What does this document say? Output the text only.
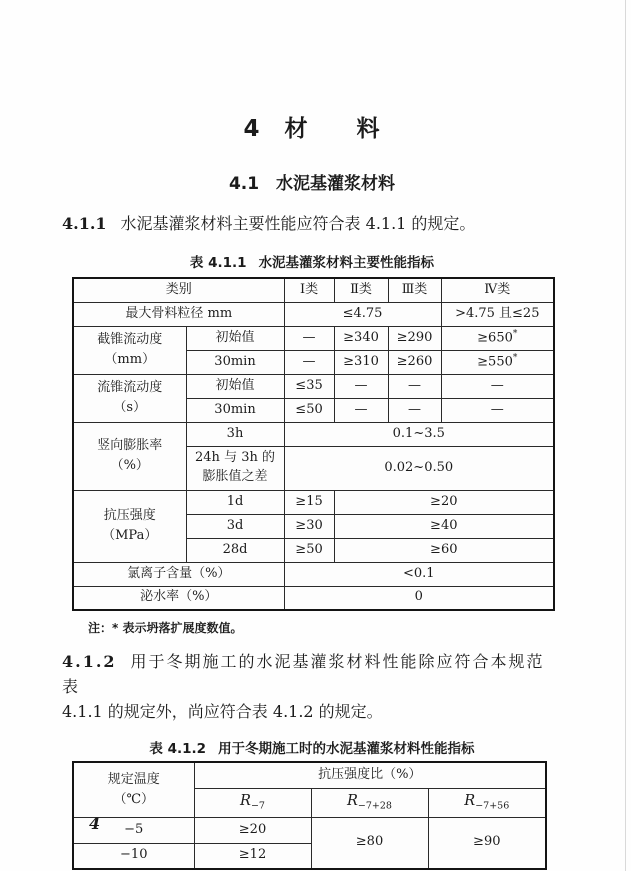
4　材　　料
4.1　水泥基灌浆材料
4.1.1 水泥基灌浆材料主要性能应符合表 4.1.1 的规定。
表 4.1.1 水泥基灌浆材料主要性能指标
类别		Ⅰ类	Ⅱ类	Ⅲ类	Ⅳ类
最大骨料粒径 mm		≤4.75			>4.75 且≤25

截锥流动度
（mm）	初始值	—	≥340	≥290	≥650*
	30min	—	≥310	≥260	≥550*

流锥流动度
（s）	初始值	≤35	—	—	—
	30min	≤50	—	—	—

竖向膨胀率
（%）	3h	0.1~3.5			
	24h 与 3h 的膨胀值之差	0.02~0.50			

抗压强度
（MPa）	1d	≥15	≥20		
	3d	≥30	≥40		
	28d	≥50	≥60		
氯离子含量（%）		<0.1			
泌水率（%）		0			
注：* 表示坍落扩展度数值。
4.1.2 用于冬期施工的水泥基灌浆材料性能除应符合本规范表
4.1.1 的规定外，尚应符合表 4.1.2 的规定。
表 4.1.2 用于冬期施工时的水泥基灌浆材料性能指标
规定温度
（℃）	抗压强度比（%）		
	$R_{-7}$	$R_{-7+28}$	$R_{-7+56}$
−5	≥20	≥80	≥90
−10	≥12		
4
